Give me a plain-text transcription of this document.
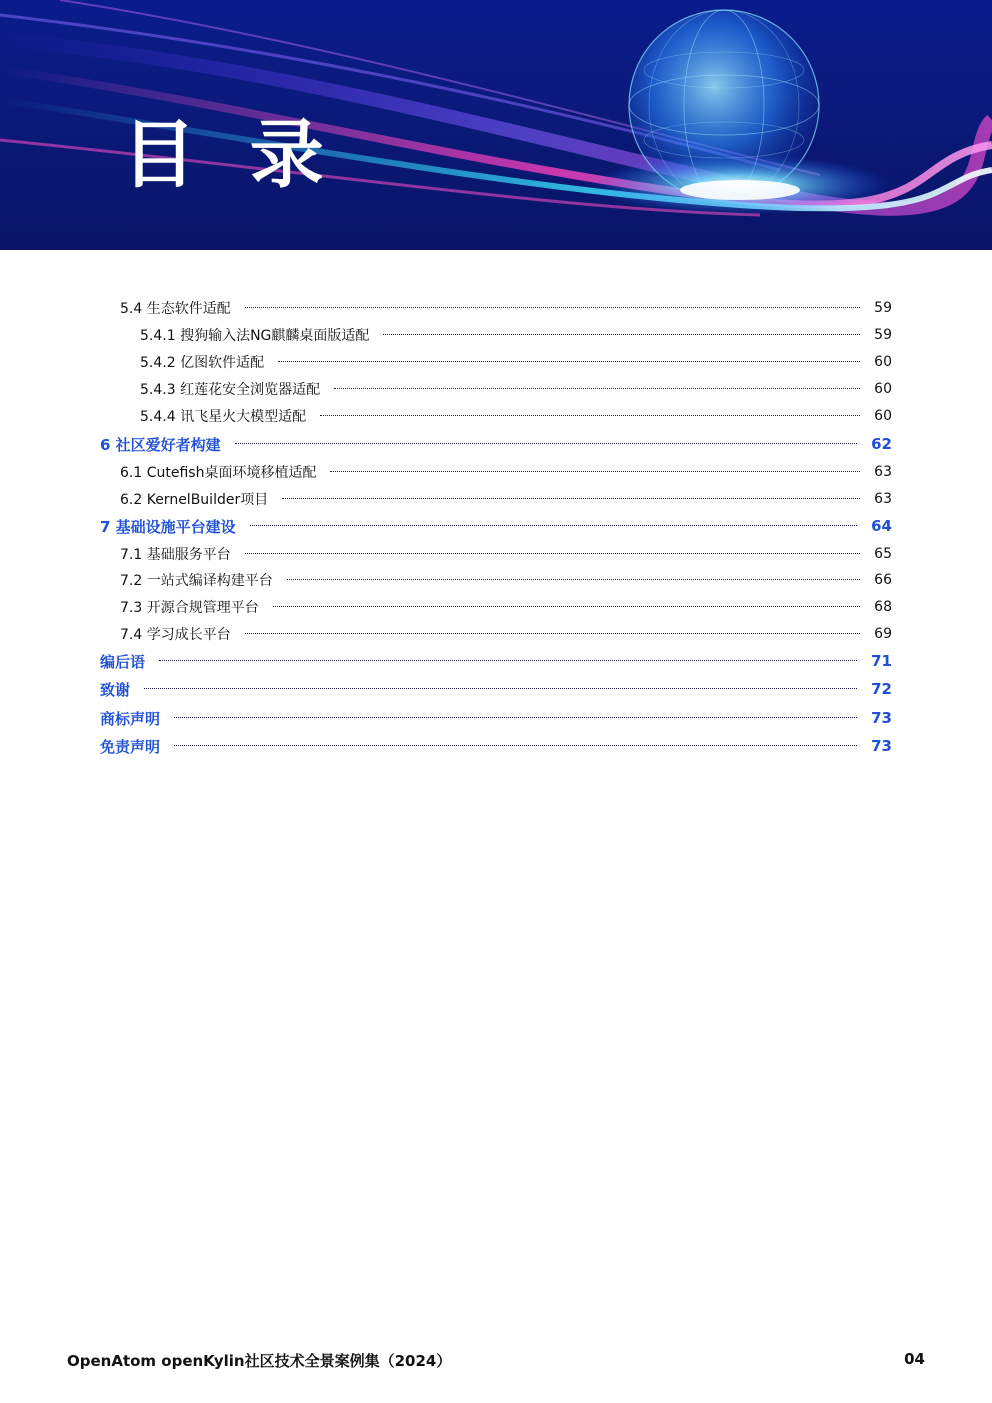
目 录
5.4 生态软件适配	59
5.4.1 搜狗输入法NG麒麟桌面版适配	59
5.4.2 亿图软件适配	60
5.4.3 红莲花安全浏览器适配	60
5.4.4 讯飞星火大模型适配	60
6 社区爱好者构建	62
6.1 Cutefish桌面环境移植适配	63
6.2 KernelBuilder项目	63
7 基础设施平台建设	64
7.1 基础服务平台	65
7.2 一站式编译构建平台	66
7.3 开源合规管理平台	68
7.4 学习成长平台	69
编后语	71
致谢	72
商标声明	73
免责声明	73
OpenAtom openKylin社区技术全景案例集（2024）	04
